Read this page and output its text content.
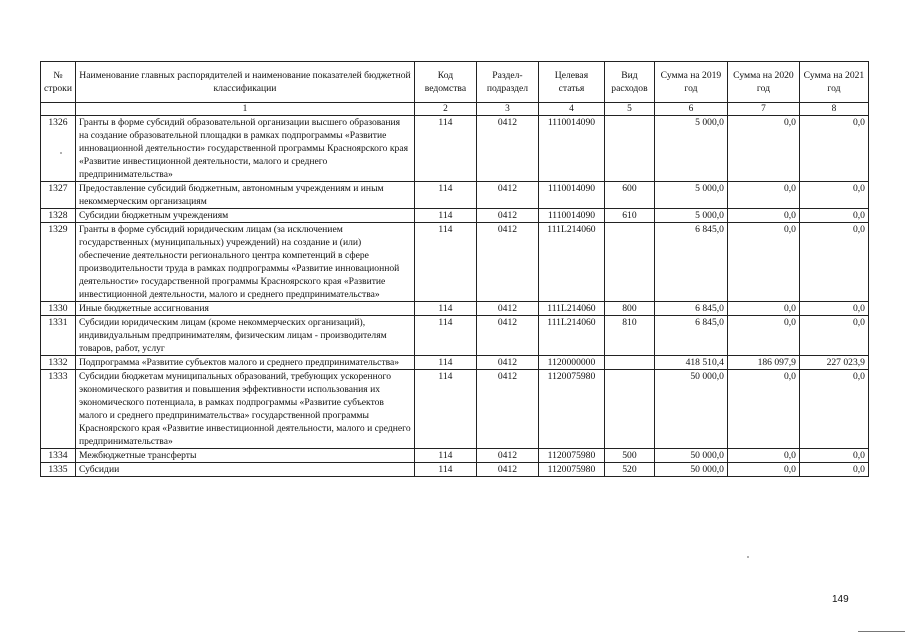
№ строки	Наименование главных распорядителей и наименование показателей бюджетной классификации	Код ведомства	Раздел-подраздел	Целевая статья	Вид расходов	Сумма на 2019 год	Сумма на 2020 год	Сумма на 2021 год
	1	2	3	4	5	6	7	8
1326	Гранты в форме субсидий образовательной организации высшего образования на создание образовательной площадки в рамках подпрограммы «Развитие инновационной деятельности» государственной программы Красноярского края «Развитие инвестиционной деятельности, малого и среднего предпринимательства»	114	0412	1110014090		5 000,0	0,0	0,0
1327	Предоставление субсидий бюджетным, автономным учреждениям и иным некоммерческим организациям	114	0412	1110014090	600	5 000,0	0,0	0,0
1328	Субсидии бюджетным учреждениям	114	0412	1110014090	610	5 000,0	0,0	0,0
1329	Гранты в форме субсидий юридическим лицам (за исключением государственных (муниципальных) учреждений) на создание и (или) обеспечение деятельности регионального центра компетенций в сфере производительности труда в рамках подпрограммы «Развитие инновационной деятельности» государственной программы Красноярского края «Развитие инвестиционной деятельности, малого и среднего предпринимательства»	114	0412	111L214060		6 845,0	0,0	0,0
1330	Иные бюджетные ассигнования	114	0412	111L214060	800	6 845,0	0,0	0,0
1331	Субсидии юридическим лицам (кроме некоммерческих организаций), индивидуальным предпринимателям, физическим лицам - производителям товаров, работ, услуг	114	0412	111L214060	810	6 845,0	0,0	0,0
1332	Подпрограмма «Развитие субъектов малого и среднего предпринимательства»	114	0412	1120000000		418 510,4	186 097,9	227 023,9
1333	Субсидии бюджетам муниципальных образований, требующих ускоренного экономического развития и повышения эффективности использования их экономического потенциала, в рамках подпрограммы «Развитие субъектов малого и среднего предпринимательства» государственной программы Красноярского края «Развитие инвестиционной деятельности, малого и среднего предпринимательства»	114	0412	1120075980		50 000,0	0,0	0,0
1334	Межбюджетные трансферты	114	0412	1120075980	500	50 000,0	0,0	0,0
1335	Субсидии	114	0412	1120075980	520	50 000,0	0,0	0,0
149
